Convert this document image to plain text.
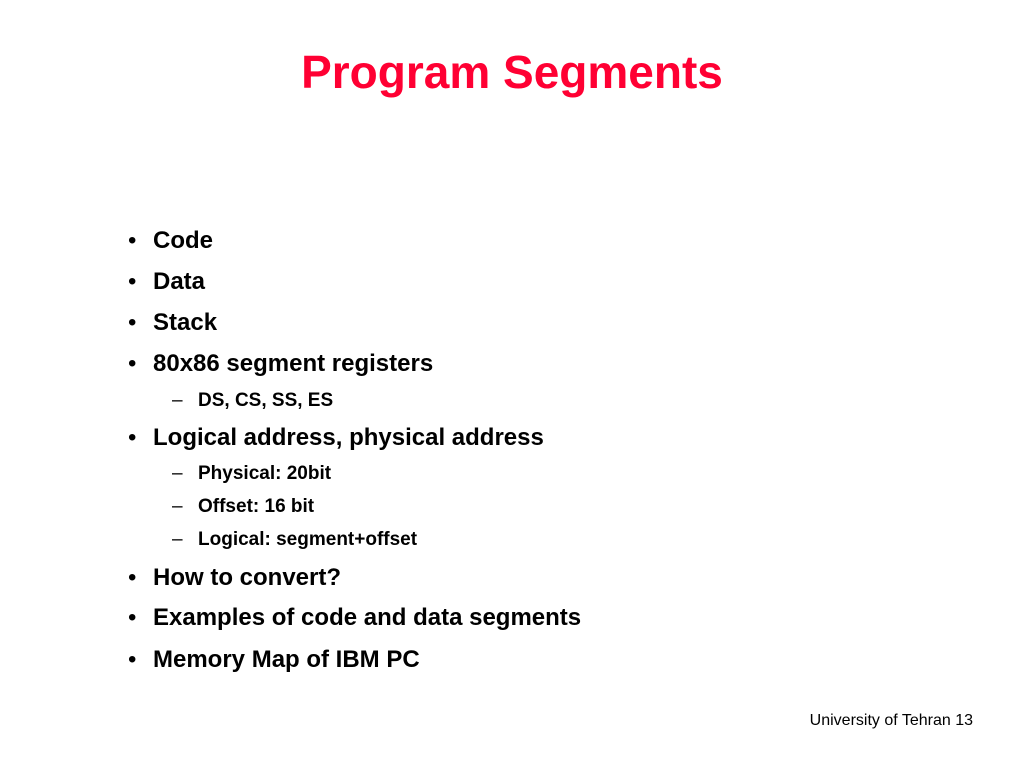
Program Segments
• Code
• Data
• Stack
• 80x86 segment registers
– DS, CS, SS, ES
• Logical address, physical address
– Physical: 20bit
– Offset: 16 bit
– Logical: segment+offset
• How to convert?
• Examples of code and data segments
• Memory Map of IBM PC
University of Tehran 13
